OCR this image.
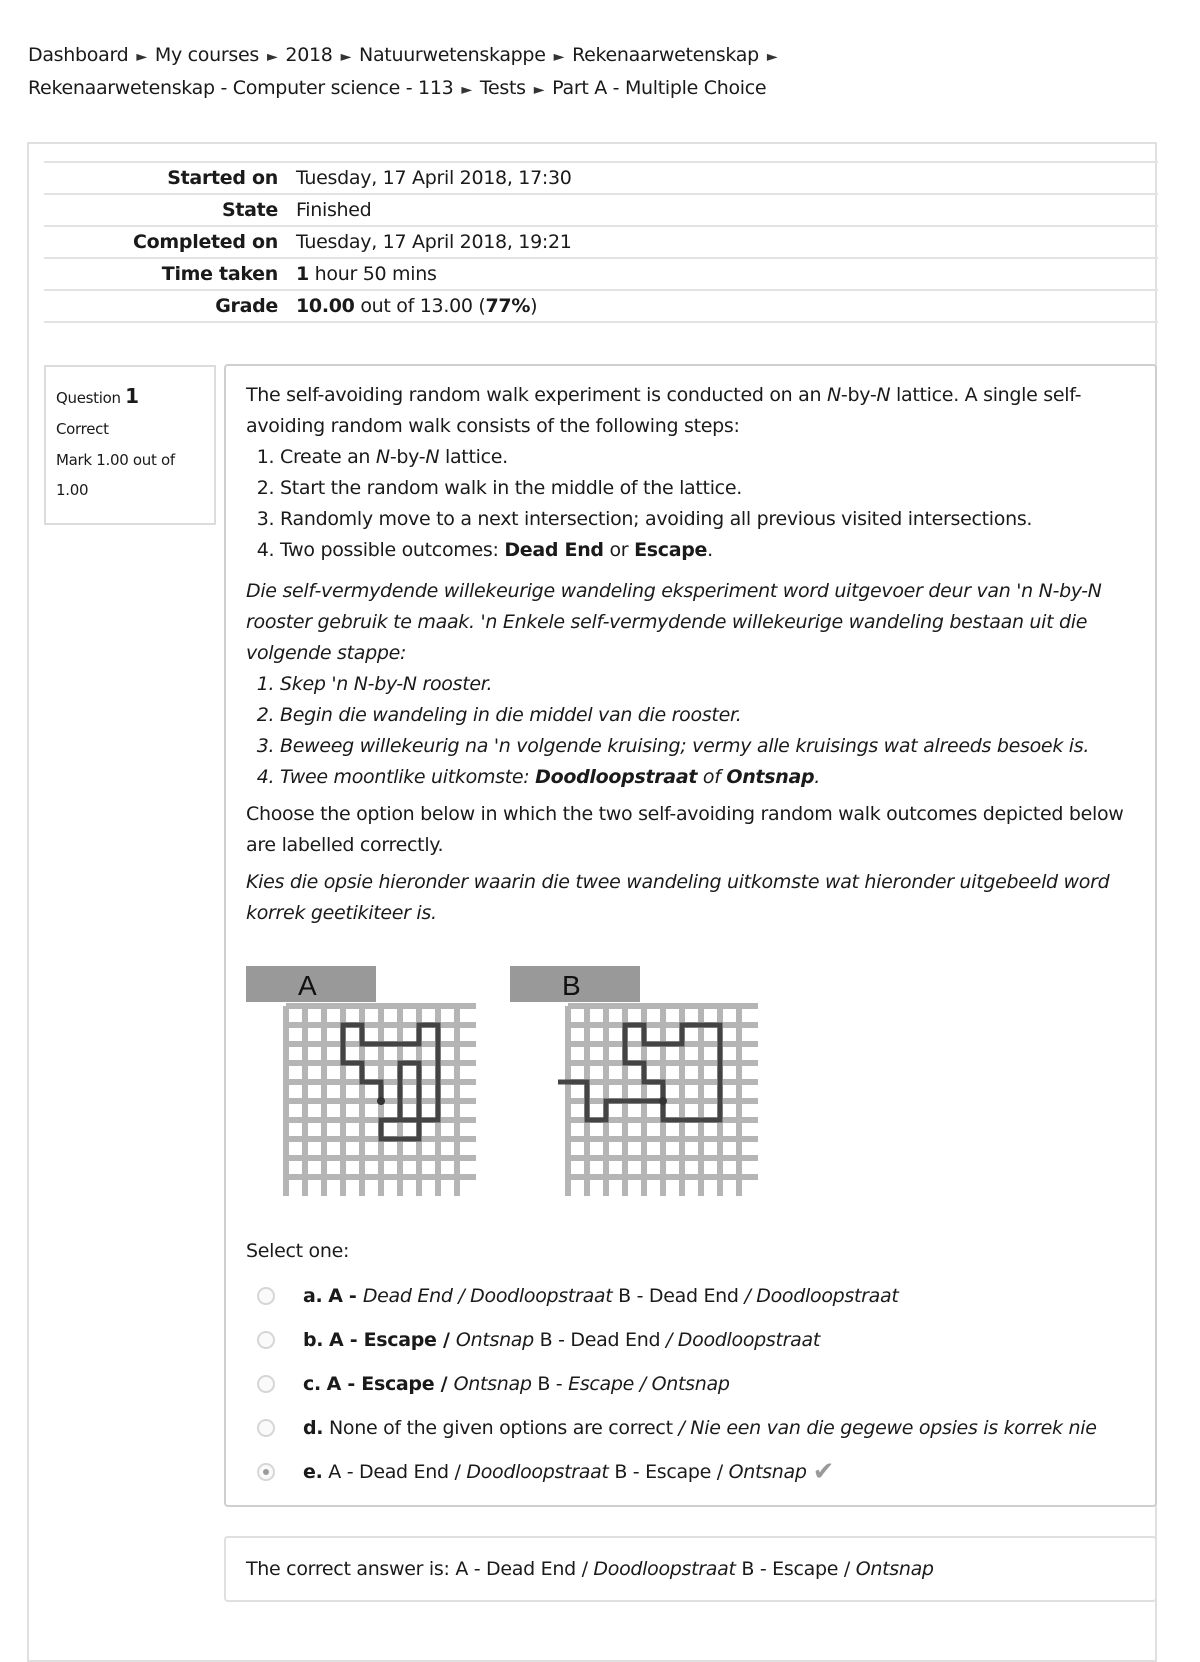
Dashboard ► My courses ► 2018 ► Natuurwetenskappe ► Rekenaarwetenskap ►
Rekenaarwetenskap - Computer science - 113 ► Tests ► Part A - Multiple Choice
Started on	Tuesday, 17 April 2018, 17:30
State	Finished
Completed on	Tuesday, 17 April 2018, 19:21
Time taken	1 hour 50 mins
Grade	10.00 out of 13.00 (77%)
Question 1
Correct
Mark 1.00 out of 1.00

The self-avoiding random walk experiment is conducted on an N-by-N lattice. A single self-avoiding random walk consists of the following steps:

1. Create an N-by-N lattice.
2. Start the random walk in the middle of the lattice.
3. Randomly move to a next intersection; avoiding all previous visited intersections.
4. Two possible outcomes: Dead End or Escape.

Die self-vermydende willekeurige wandeling eksperiment word uitgevoer deur van 'n N-by-N rooster gebruik te maak. 'n Enkele self-vermydende willekeurige wandeling bestaan uit die volgende stappe:

1. Skep 'n N-by-N rooster.
2. Begin die wandeling in die middel van die rooster.
3. Beweeg willekeurig na 'n volgende kruising; vermy alle kruisings wat alreeds besoek is.
4. Twee moontlike uitkomste: Doodloopstraat of Ontsnap.

Choose the option below in which the two self-avoiding random walk outcomes depicted below are labelled correctly.

Kies die opsie hieronder waarin die twee wandeling uitkomste wat hieronder uitgebeeld word korrek geetikiteer is.

A	B
Select one:
a. A - Dead End / Doodloopstraat B - Dead End / Doodloopstraat
b. A - Escape / Ontsnap B - Dead End / Doodloopstraat
c. A - Escape / Ontsnap B - Escape / Ontsnap
d. None of the given options are correct / Nie een van die gegewe opsies is korrek nie
e. A - Dead End / Doodloopstraat B - Escape / Ontsnap ✔
The correct answer is: A - Dead End / Doodloopstraat B - Escape / Ontsnap
